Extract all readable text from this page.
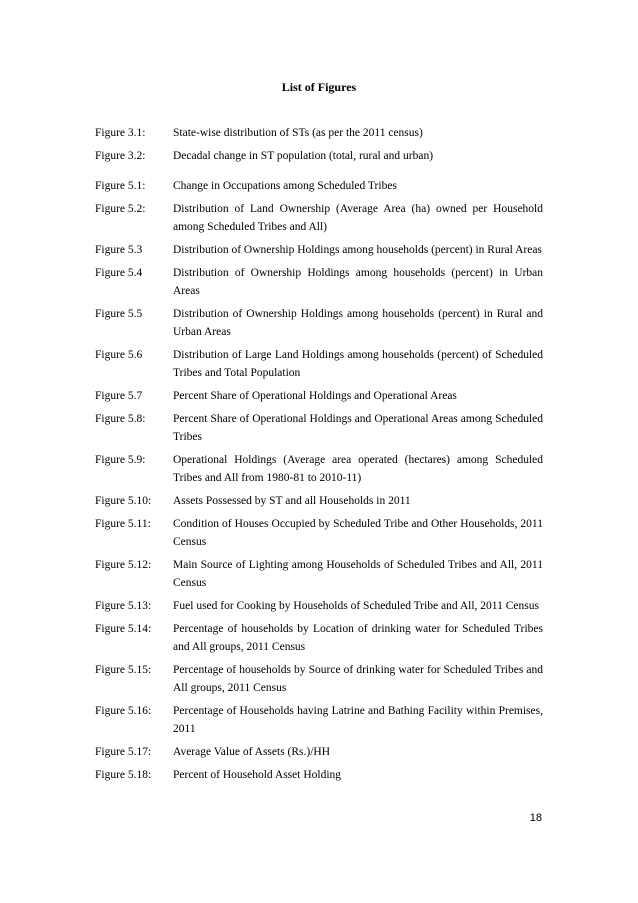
List of Figures
Figure 3.1:	State-wise distribution of STs (as per the 2011 census)
Figure 3.2:	Decadal change in ST population (total, rural and urban)
Figure 5.1:	Change in Occupations among Scheduled Tribes
Figure 5.2:	Distribution of Land Ownership (Average Area (ha) owned per Household among Scheduled Tribes and All)
Figure 5.3	Distribution of Ownership Holdings among households (percent) in Rural Areas
Figure 5.4	Distribution of Ownership Holdings among households (percent) in Urban Areas
Figure 5.5	Distribution of Ownership Holdings among households (percent) in Rural and Urban Areas
Figure 5.6	Distribution of Large Land Holdings among households (percent) of Scheduled Tribes and Total Population
Figure 5.7	Percent Share of Operational Holdings and Operational Areas
Figure 5.8:	Percent Share of Operational Holdings and Operational Areas among Scheduled Tribes
Figure 5.9:	Operational Holdings (Average area operated (hectares) among Scheduled Tribes and All from 1980-81 to 2010-11)
Figure 5.10:	Assets Possessed by ST and all Households in 2011
Figure 5.11:	Condition of Houses Occupied by Scheduled Tribe and Other Households, 2011 Census
Figure 5.12:	Main Source of Lighting among Households of Scheduled Tribes and All, 2011 Census
Figure 5.13:	Fuel used for Cooking by Households of Scheduled Tribe and All, 2011 Census
Figure 5.14:	Percentage of households by Location of drinking water for Scheduled Tribes and All groups, 2011 Census
Figure 5.15:	Percentage of households by Source of drinking water for Scheduled Tribes and All groups, 2011 Census
Figure 5.16:	Percentage of Households having Latrine and Bathing Facility within Premises, 2011
Figure 5.17:	Average Value of Assets (Rs.)/HH
Figure 5.18:	Percent of Household Asset Holding
18
